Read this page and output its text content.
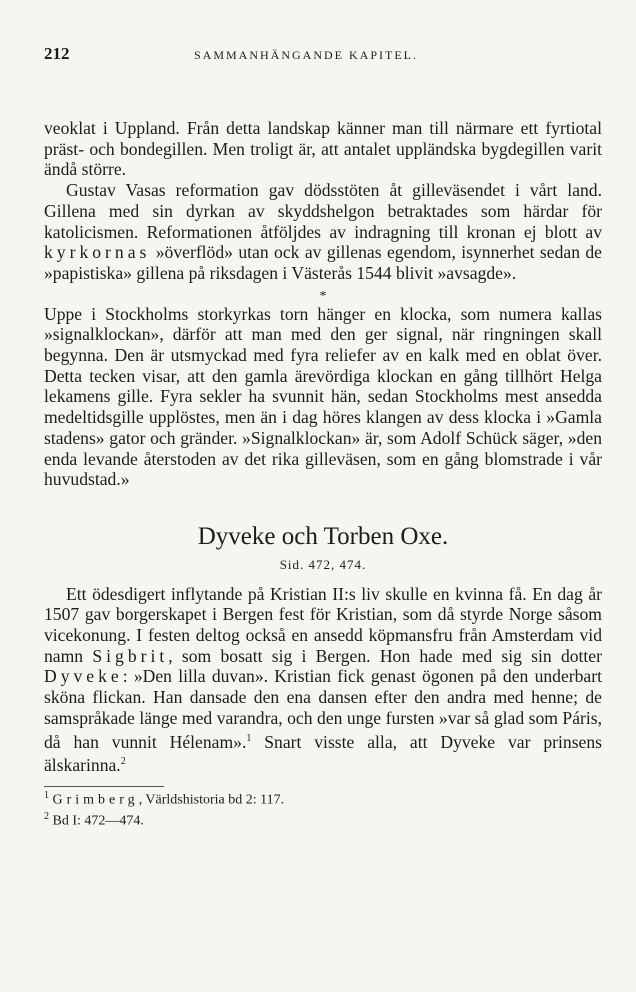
212	SAMMANHÄNGANDE KAPITEL.

veoklat i Uppland. Från detta landskap känner man till närmare ett fyrtiotal präst- och bondegillen. Men troligt är, att antalet uppländska bygdegillen varit ändå större.

Gustav Vasas reformation gav dödsstöten åt gilleväsendet i vårt land. Gillena med sin dyrkan av skyddshelgon betraktades som härdar för katolicismen. Reformationen åtföljdes av indragning till kronan ej blott av kyrkornas »överflöd» utan ock av gillenas egendom, isynnerhet sedan de »papistiska» gillena på riksdagen i Västerås 1544 blivit »avsagde».

*

Uppe i Stockholms storkyrkas torn hänger en klocka, som numera kallas »signalklockan», därför att man med den ger signal, när ringningen skall begynna. Den är utsmyckad med fyra reliefer av en kalk med en oblat över. Detta tecken visar, att den gamla ärevördiga klockan en gång tillhört Helga lekamens gille. Fyra sekler ha svunnit hän, sedan Stockholms mest ansedda medeltidsgille upplöstes, men än i dag höres klangen av dess klocka i »Gamla stadens» gator och gränder. »Signalklockan» är, som Adolf Schück säger, »den enda levande återstoden av det rika gilleväsen, som en gång blomstrade i vår huvudstad.»

Dyveke och Torben Oxe.
Sid. 472, 474.

Ett ödesdigert inflytande på Kristian II:s liv skulle en kvinna få. En dag år 1507 gav borgerskapet i Bergen fest för Kristian, som då styrde Norge såsom vicekonung. I festen deltog också en ansedd köpmansfru från Amsterdam vid namn Sigbrit, som bosatt sig i Bergen. Hon hade med sig sin dotter Dyveke: »Den lilla duvan». Kristian fick genast ögonen på den underbart sköna flickan. Han dansade den ena dansen efter den andra med henne; de samspråkade länge med varandra, och den unge fursten »var så glad som Páris, då han vunnit Hélenam».$^1$ Snart visste alla, att Dyveke var prinsens älskarinna.$^2$

$^1$ Grimberg, Världshistoria bd 2: 117.
$^2$ Bd I: 472—474.
